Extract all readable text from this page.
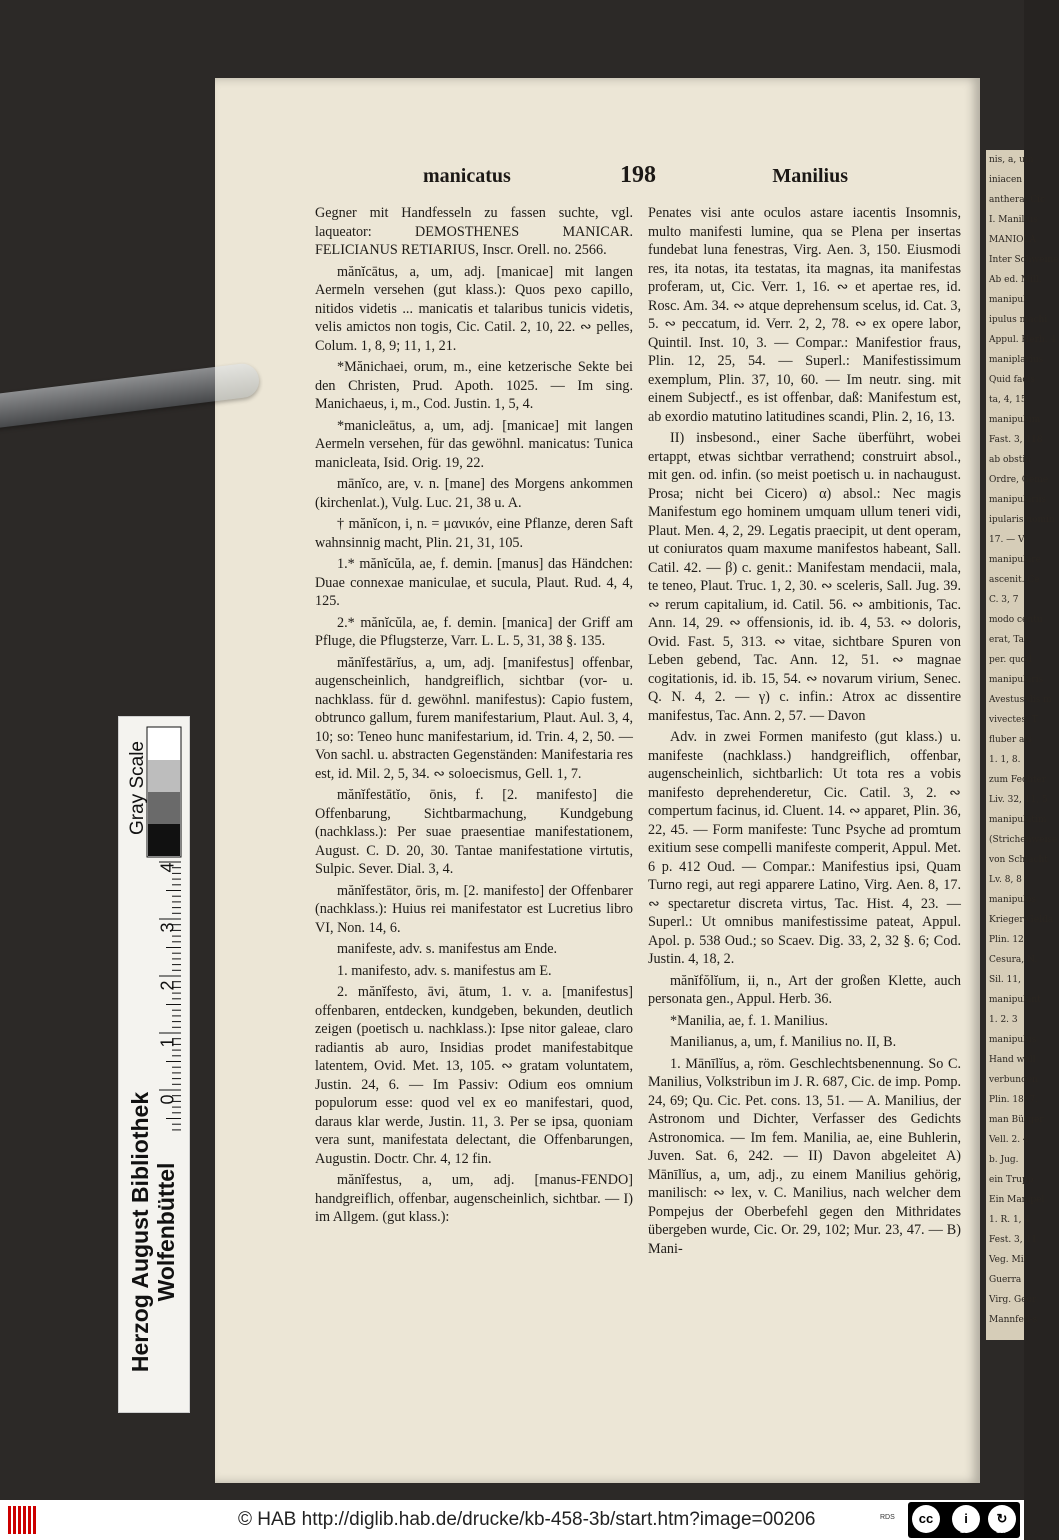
nis, a, um
iniacen
anthera, Cic
I. Manilius
MANIOLA
Inter Schweine
Ab ed. Mill.
manipul
ipulus machi
Appul. Herb. 4
maniplarius
Quid facis
ta, 4, 15
manipulum
Fast. 3, 118
ab obstin
Ordre, Geme
manipulariis
ipularis nomin
17. — V
manipulare
ascenit. Ce
C. 3, 7
modo centu
erat, Tac.
per. quod
manipularis
Avestus dis m
vivectes, T
fluber als
1. 1, 8.
zum Fechter
Liv. 32, 11, 5
manipulatim
(Strichenweise
von Schlacht
Lv. 8, 8
manipulos
Krieger-Gelda
Plin. 12.
Cesura, N.
Sil. 11,
manipulant
1. 2. 3
manipulus
Hand woll
verbunden
Plin. 18, 7.
man Bürger
Vell. 2. 4
b. Jug.
ein Trupp
Ein Manipel
1. R. 1, 4
Fest. 3, 11
Veg. Mil.
Guerra
Virg. Geor
Mannfell-s
manicatus	198	Manilius

Gegner mit Handfesseln zu fassen suchte, vgl. laqueator: DEMOSTHENES MANICAR. FELICIANUS RETIARIUS, Inscr. Orell. no. 2566.

mănĭcātus, a, um, adj. [manicae] mit langen Aermeln versehen (gut klass.): Quos pexo capillo, nitidos videtis ... manicatis et talaribus tunicis videtis, velis amictos non togis, Cic. Catil. 2, 10, 22. ∾ pelles, Colum. 1, 8, 9; 11, 1, 21.

*Mănichaei, orum, m., eine ketzerische Sekte bei den Christen, Prud. Apoth. 1025. — Im sing. Manichaeus, i, m., Cod. Justin. 1, 5, 4.

*manicleātus, a, um, adj. [manicae] mit langen Aermeln versehen, für das gewöhnl. manicatus: Tunica manicleata, Isid. Orig. 19, 22.

mānĭco, are, v. n. [mane] des Morgens ankommen (kirchenlat.), Vulg. Luc. 21, 38 u. A.

† mănĭcon, i, n. = μανικόν, eine Pflanze, deren Saft wahnsinnig macht, Plin. 21, 31, 105.

1.* mănĭcŭla, ae, f. demin. [manus] das Händchen: Duae connexae maniculae, et sucula, Plaut. Rud. 4, 4, 125.

2.* mănĭcŭla, ae, f. demin. [manica] der Griff am Pfluge, die Pflugsterze, Varr. L. L. 5, 31, 38 §. 135.

mănĭfestārĭus, a, um, adj. [manifestus] offenbar, augenscheinlich, handgreiflich, sichtbar (vor- u. nachklass. für d. gewöhnl. manifestus): Capio fustem, obtrunco gallum, furem manifestarium, Plaut. Aul. 3, 4, 10; so: Teneo hunc manifestarium, id. Trin. 4, 2, 50. — Von sachl. u. abstracten Gegenständen: Manifestaria res est, id. Mil. 2, 5, 34. ∾ soloecismus, Gell. 1, 7.

mănĭfestātĭo, ōnis, f. [2. manifesto] die Offenbarung, Sichtbarmachung, Kundgebung (nachklass.): Per suae praesentiae manifestationem, August. C. D. 20, 30. Tantae manifestatione virtutis, Sulpic. Sever. Dial. 3, 4.

mănĭfestātor, ōris, m. [2. manifesto] der Offenbarer (nachklass.): Huius rei manifestator est Lucretius libro VI, Non. 14, 6.

manifeste, adv. s. manifestus am Ende.

1. manifesto, adv. s. manifestus am E.

2. mănĭfesto, āvi, ātum, 1. v. a. [manifestus] offenbaren, entdecken, kundgeben, bekunden, deutlich zeigen (poetisch u. nachklass.): Ipse nitor galeae, claro radiantis ab auro, Insidias prodet manifestabitque latentem, Ovid. Met. 13, 105. ∾ gratam voluntatem, Justin. 24, 6. — Im Passiv: Odium eos omnium populorum esse: quod vel ex eo manifestari, quod, daraus klar werde, Justin. 11, 3. Per se ipsa, quoniam vera sunt, manifestata delectant, die Offenbarungen, Augustin. Doctr. Chr. 4, 12 fin.

mănĭfestus, a, um, adj. [manus-FENDO] handgreiflich, offenbar, augenscheinlich, sichtbar. — I) im Allgem. (gut klass.):

Penates visi ante oculos astare iacentis Insomnis, multo manifesti lumine, qua se Plena per insertas fundebat luna fenestras, Virg. Aen. 3, 150. Eiusmodi res, ita notas, ita testatas, ita magnas, ita manifestas proferam, ut, Cic. Verr. 1, 16. ∾ et apertae res, id. Rosc. Am. 34. ∾ atque deprehensum scelus, id. Cat. 3, 5. ∾ peccatum, id. Verr. 2, 2, 78. ∾ ex opere labor, Quintil. Inst. 10, 3. — Compar.: Manifestior fraus, Plin. 12, 25, 54. — Superl.: Manifestissimum exemplum, Plin. 37, 10, 60. — Im neutr. sing. mit einem Subjectf., es ist offenbar, daß: Manifestum est, ab exordio matutino latitudines scandi, Plin. 2, 16, 13.

II) insbesond., einer Sache überführt, wobei ertappt, etwas sichtbar verrathend; construirt absol., mit gen. od. infin. (so meist poetisch u. in nachaugust. Prosa; nicht bei Cicero) α) absol.: Nec magis Manifestum ego hominem umquam ullum teneri vidi, Plaut. Men. 4, 2, 29. Legatis praecipit, ut dent operam, ut coniuratos quam maxume manifestos habeant, Sall. Catil. 42. — β) c. genit.: Manifestam mendacii, mala, te teneo, Plaut. Truc. 1, 2, 30. ∾ sceleris, Sall. Jug. 39. ∾ rerum capitalium, id. Catil. 56. ∾ ambitionis, Tac. Ann. 14, 29. ∾ offensionis, id. ib. 4, 53. ∾ doloris, Ovid. Fast. 5, 313. ∾ vitae, sichtbare Spuren von Leben gebend, Tac. Ann. 12, 51. ∾ magnae cogitationis, id. ib. 15, 54. ∾ novarum virium, Senec. Q. N. 4, 2. — γ) c. infin.: Atrox ac dissentire manifestus, Tac. Ann. 2, 57. — Davon

Adv. in zwei Formen manifesto (gut klass.) u. manifeste (nachklass.) handgreiflich, offenbar, augenscheinlich, sichtbarlich: Ut tota res a vobis manifesto deprehenderetur, Cic. Catil. 3, 2. ∾ compertum facinus, id. Cluent. 14. ∾ apparet, Plin. 36, 22, 45. — Form manifeste: Tunc Psyche ad promtum exitium sese compelli manifeste comperit, Appul. Met. 6 p. 412 Oud. — Compar.: Manifestius ipsi, Quam Turno regi, aut regi apparere Latino, Virg. Aen. 8, 17. ∾ spectaretur discreta virtus, Tac. Hist. 4, 23. — Superl.: Ut omnibus manifestissime pateat, Appul. Apol. p. 538 Oud.; so Scaev. Dig. 33, 2, 32 §. 6; Cod. Justin. 4, 18, 2.

mănĭfŏlĭum, ii, n., Art der großen Klette, auch personata gen., Appul. Herb. 36.

*Manilia, ae, f. 1. Manilius.

Manilianus, a, um, f. Manilius no. II, B.

1. Mānīlĭus, a, röm. Geschlechtsbenennung. So C. Manilius, Volkstribun im J. R. 687, Cic. de imp. Pomp. 24, 69; Qu. Cic. Pet. cons. 13, 51. — A. Manilius, der Astronom und Dichter, Verfasser des Gedichts Astronomica. — Im fem. Manilia, ae, eine Buhlerin, Juven. Sat. 6, 242. — II) Davon abgeleitet A) Mānīlĭus, a, um, adj., zu einem Manilius gehörig, manilisch: ∾ lex, v. C. Manilius, nach welcher dem Pompejus der Oberbefehl gegen den Mithridates übergeben wurde, Cic. Or. 29, 102; Mur. 23, 47. — B) Mani-

Gray Scale
0
1
2
3
4
Herzog August Bibliothek Wolfenbüttel
© HAB http://diglib.hab.de/drucke/kb-458-3b/start.htm?image=00206	RDS	cc	i	↻
BY	SA
